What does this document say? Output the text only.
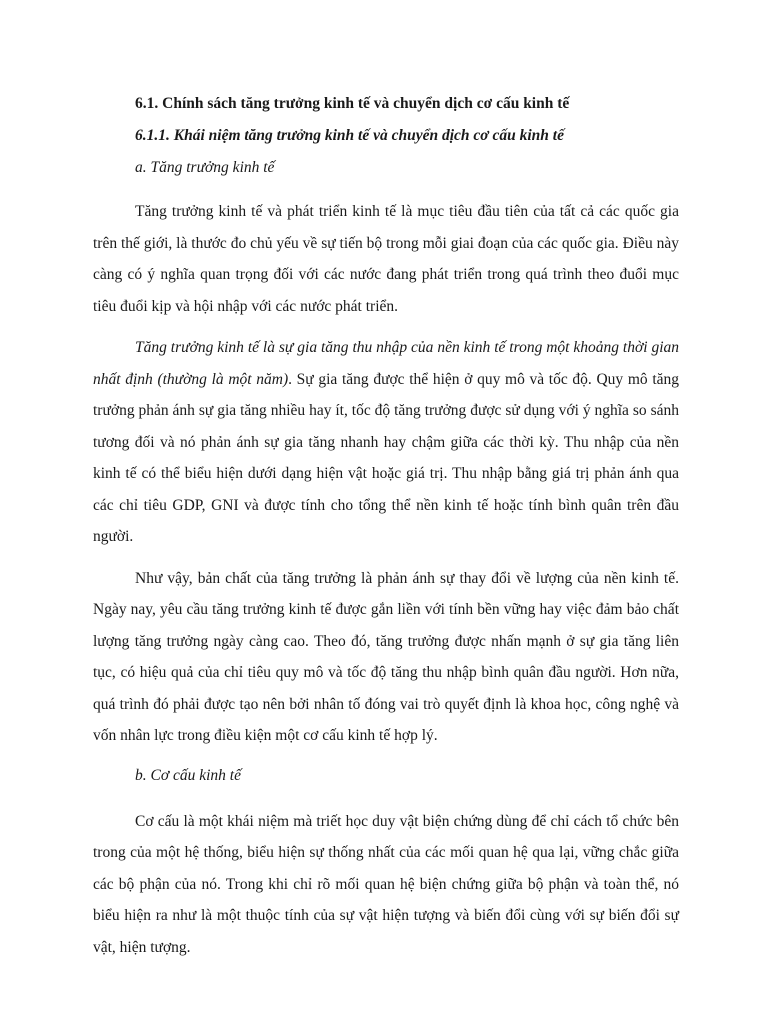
6.1. Chính sách tăng trưởng kinh tế và chuyển dịch cơ cấu kinh tế
6.1.1. Khái niệm tăng trưởng kinh tế và chuyển dịch cơ cấu kinh tế
a. Tăng trưởng kinh tế

Tăng trưởng kinh tế và phát triển kinh tế là mục tiêu đầu tiên của tất cả các quốc gia trên thế giới, là thước đo chủ yếu về sự tiến bộ trong mỗi giai đoạn của các quốc gia. Điều này càng có ý nghĩa quan trọng đối với các nước đang phát triển trong quá trình theo đuổi mục tiêu đuổi kịp và hội nhập với các nước phát triển.

Tăng trưởng kinh tế là sự gia tăng thu nhập của nền kinh tế trong một khoảng thời gian nhất định (thường là một năm). Sự gia tăng được thể hiện ở quy mô và tốc độ. Quy mô tăng trưởng phản ánh sự gia tăng nhiều hay ít, tốc độ tăng trưởng được sử dụng với ý nghĩa so sánh tương đối và nó phản ánh sự gia tăng nhanh hay chậm giữa các thời kỳ. Thu nhập của nền kinh tế có thể biểu hiện dưới dạng hiện vật hoặc giá trị. Thu nhập bằng giá trị phản ánh qua các chỉ tiêu GDP, GNI và được tính cho tổng thể nền kinh tế hoặc tính bình quân trên đầu người.

Như vậy, bản chất của tăng trưởng là phản ánh sự thay đổi về lượng của nền kinh tế. Ngày nay, yêu cầu tăng trưởng kinh tế được gắn liền với tính bền vững hay việc đảm bảo chất lượng tăng trưởng ngày càng cao. Theo đó, tăng trưởng được nhấn mạnh ở sự gia tăng liên tục, có hiệu quả của chỉ tiêu quy mô và tốc độ tăng thu nhập bình quân đầu người. Hơn nữa, quá trình đó phải được tạo nên bởi nhân tố đóng vai trò quyết định là khoa học, công nghệ và vốn nhân lực trong điều kiện một cơ cấu kinh tế hợp lý.

b. Cơ cấu kinh tế

Cơ cấu là một khái niệm mà triết học duy vật biện chứng dùng để chỉ cách tổ chức bên trong của một hệ thống, biểu hiện sự thống nhất của các mối quan hệ qua lại, vững chắc giữa các bộ phận của nó. Trong khi chỉ rõ mối quan hệ biện chứng giữa bộ phận và toàn thể, nó biểu hiện ra như là một thuộc tính của sự vật hiện tượng và biến đổi cùng với sự biến đổi sự vật, hiện tượng.
